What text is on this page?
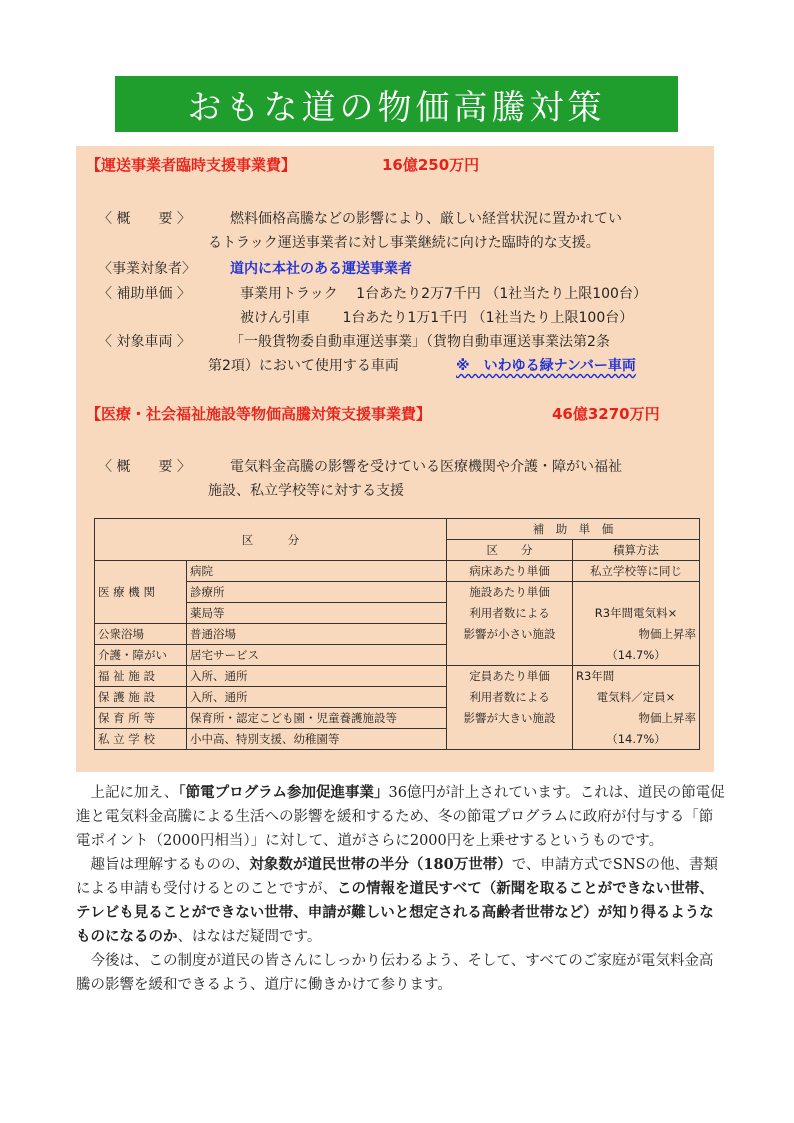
おもな道の物価高騰対策
【運送事業者臨時支援事業費】	16億250万円
〈 概　　要 〉	燃料価格高騰などの影響により、厳しい経営状況に置かれてい
るトラック運送事業者に対し事業継続に向けた臨時的な支援。
〈事業対象者〉 道内に本社のある運送事業者
〈 補助単価 〉	事業用トラック　 1台あたり2万7千円 （1社当たり上限100台）
被けん引車　　 1台あたり1万1千円 （1社当たり上限100台）
〈 対象車両 〉	「一般貨物委自動車運送事業」（貨物自動車運送事業法第2条
第2項）において使用する車両	※　いわゆる緑ナンバー車両
【医療・社会福祉施設等物価高騰対策支援事業費】	46億3270万円
〈 概　　要 〉	電気料金高騰の影響を受けている医療機関や介護・障がい福祉
施設、私立学校等に対する支援
区　　　分		補　助　単　価	
		区　　分	積算方法
医 療 機 関	病院	病床あたり単価	私立学校等に同じ
	診療所	施設あたり単価	
	薬局等	利用者数による	R3年間電気料×
公衆浴場	普通浴場	影響が小さい施設	物価上昇率
介護・障がい	居宅サービス		（14.7%）
福 祉 施 設	入所、通所	定員あたり単価	R3年間
保 護 施 設	入所、通所	利用者数による	電気料／定員×
保 育 所 等	保育所・認定こども園・児童養護施設等	影響が大きい施設	物価上昇率
私 立 学 校	小中高、特別支援、幼稚園等		（14.7%）

上記に加え、「節電プログラム参加促進事業」36億円が計上されています。これは、道民の節電促進と電気料金高騰による生活への影響を緩和するため、冬の節電プログラムに政府が付与する「節電ポイント（2000円相当）」に対して、道がさらに2000円を上乗せするというものです。

趣旨は理解するものの、対象数が道民世帯の半分（180万世帯）で、申請方式でSNSの他、書類による申請も受付けるとのことですが、この情報を道民すべて（新聞を取ることができない世帯、テレビも見ることができない世帯、申請が難しいと想定される高齢者世帯など）が知り得るようなものになるのか、はなはだ疑問です。

今後は、この制度が道民の皆さんにしっかり伝わるよう、そして、すべてのご家庭が電気料金高騰の影響を緩和できるよう、道庁に働きかけて参ります。
